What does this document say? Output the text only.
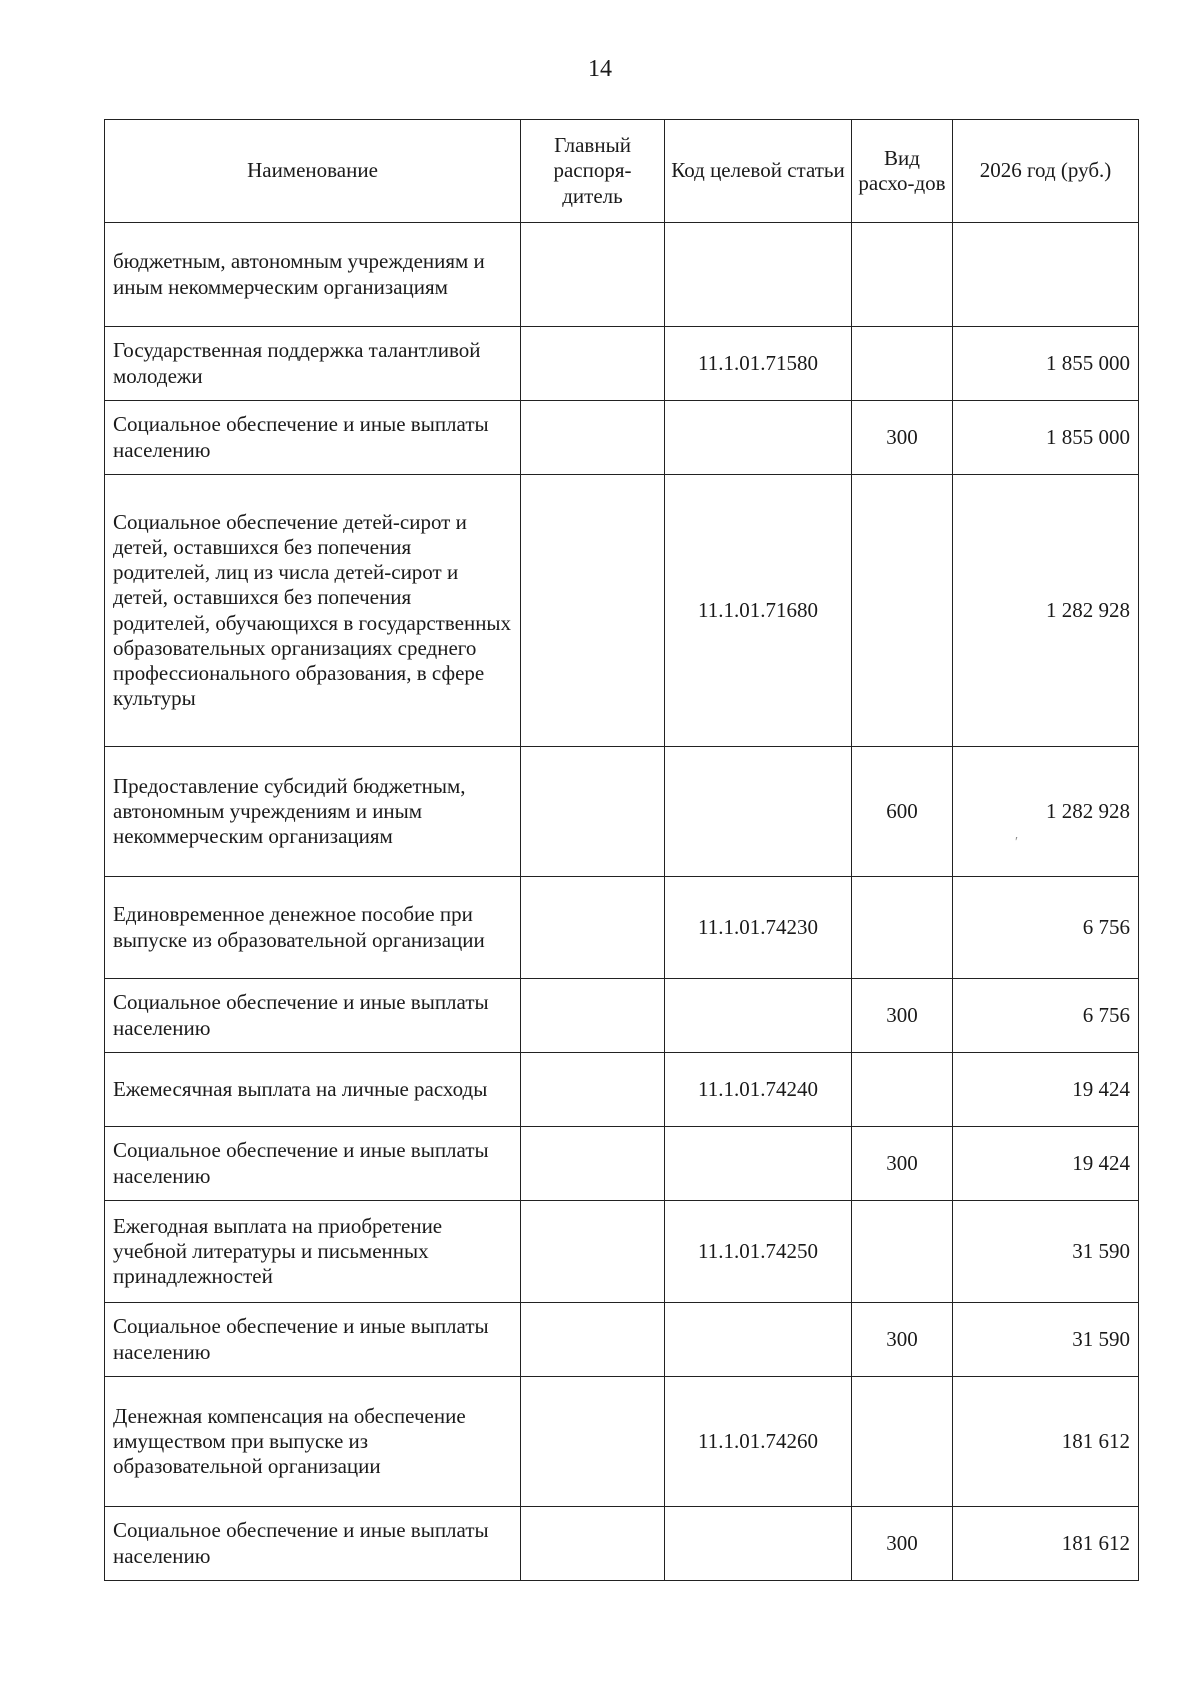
14
Наименование	Главный распоря-дитель	Код целевой статьи	Вид расхо-дов	2026 год (руб.)
бюджетным, автономным учреждениям и иным некоммерческим организациям				
Государственная поддержка талантливой молодежи		11.1.01.71580		1 855 000
Социальное обеспечение и иные выплаты населению			300	1 855 000
Социальное обеспечение детей-сирот и детей, оставшихся без попечения родителей, лиц из числа детей-сирот и детей, оставшихся без попечения родителей, обучающихся в государственных образовательных организациях среднего профессионального образования, в сфере культуры		11.1.01.71680		1 282 928
Предоставление субсидий бюджетным, автономным учреждениям и иным некоммерческим организациям			600	1 282 928
Единовременное денежное пособие при выпуске из образовательной организации		11.1.01.74230		6 756
Социальное обеспечение и иные выплаты населению			300	6 756
Ежемесячная выплата на личные расходы		11.1.01.74240		19 424
Социальное обеспечение и иные выплаты населению			300	19 424
Ежегодная выплата на приобретение учебной литературы и письменных принадлежностей		11.1.01.74250		31 590
Социальное обеспечение и иные выплаты населению			300	31 590
Денежная компенсация на обеспечение имуществом при выпуске из образовательной организации		11.1.01.74260		181 612
Социальное обеспечение и иные выплаты населению			300	181 612
′
